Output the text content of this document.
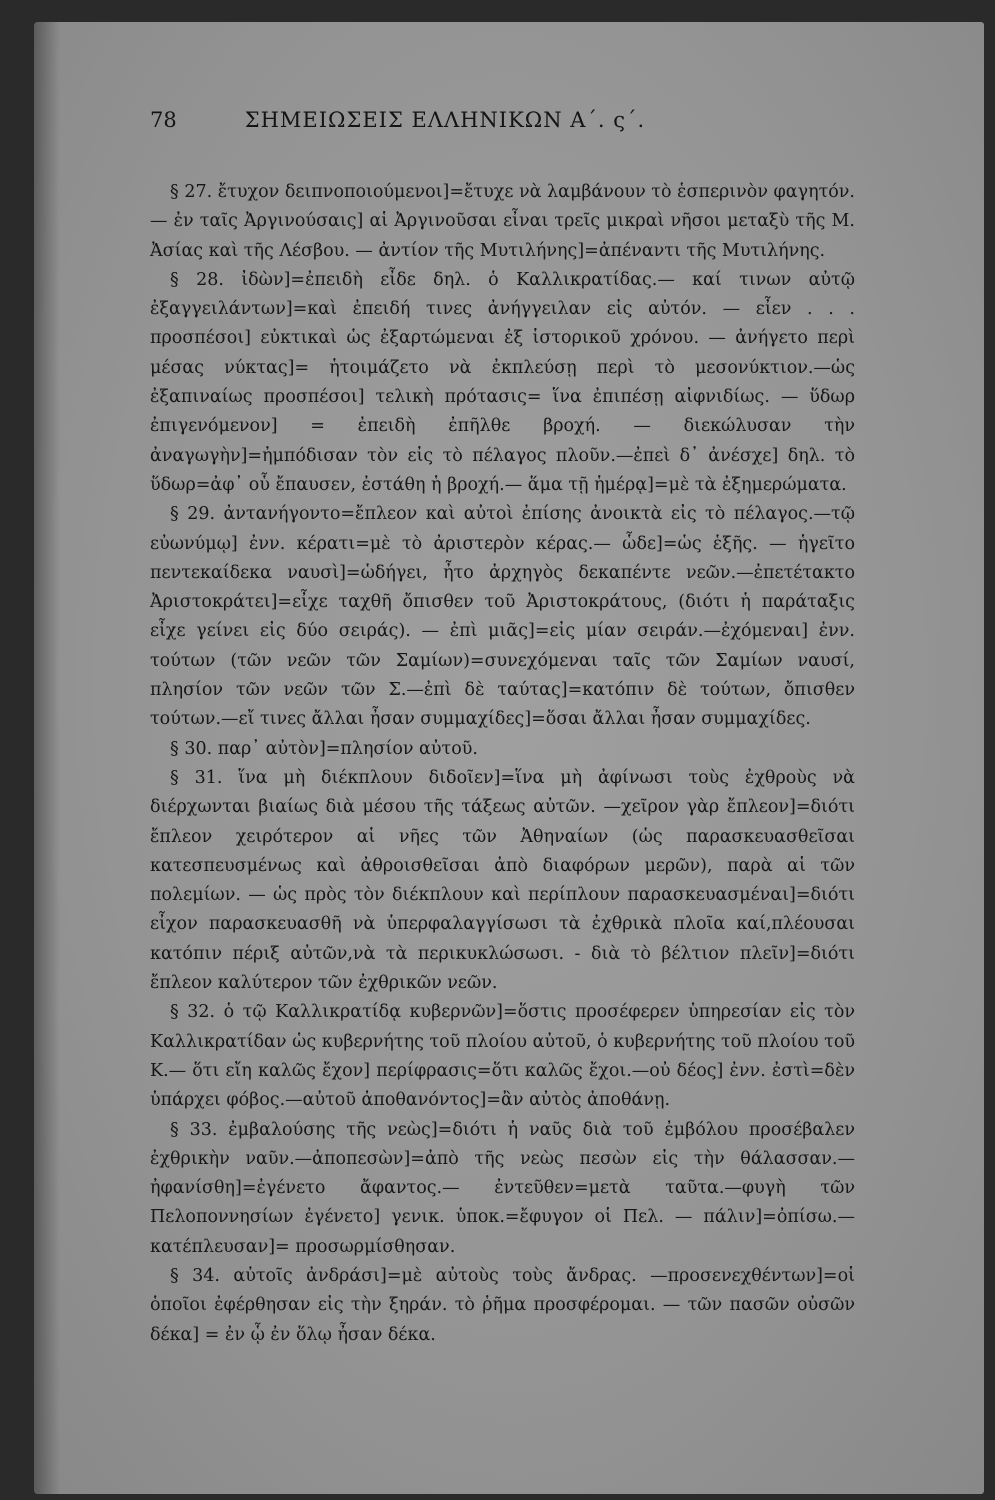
78	ΣΗΜΕΙΩΣΕΙΣ ΕΛΛΗΝΙΚΩΝ Α΄. ς΄.

§ 27. ἔτυχον δειπνοποιούμενοι]=ἔτυχε νὰ λαμβάνουν τὸ ἑσπερινὸν φαγητόν.— ἐν ταῖς Ἀργινούσαις] αἱ Ἀργινοῦσαι εἶναι τρεῖς μικραὶ νῆσοι μεταξὺ τῆς Μ. Ἀσίας καὶ τῆς Λέσβου. — ἀντίον τῆς Μυτιλήνης]=ἀπέναντι τῆς Μυτιλήνης.

§ 28. ἰδὼν]=ἐπειδὴ εἶδε δηλ. ὁ Καλλικρατίδας.— καί τινων αὐτῷ ἐξαγγειλάντων]=καὶ ἐπειδή τινες ἀνήγγειλαν εἰς αὐτόν. — εἶεν . . . προσπέσοι] εὐκτικαὶ ὡς ἐξαρτώμεναι ἐξ ἱστορικοῦ χρόνου. — ἀνήγετο περὶ μέσας νύκτας]= ἡτοιμάζετο νὰ ἐκπλεύσῃ περὶ τὸ μεσονύκτιον.—ὡς ἐξαπιναίως προσπέσοι] τελικὴ πρότασις= ἵνα ἐπιπέσῃ αἰφνιδίως. — ὕδωρ ἐπιγενόμενον] = ἐπειδὴ ἐπῆλθε βροχή. — διεκώλυσαν τὴν ἀναγωγὴν]=ἠμπόδισαν τὸν εἰς τὸ πέλαγος πλοῦν.—ἐπεὶ δ᾽ ἀνέσχε] δηλ. τὸ ὕδωρ=ἀφ᾽ οὗ ἔπαυσεν, ἐστάθη ἡ βροχή.— ἅμα τῇ ἡμέρᾳ]=μὲ τὰ ἐξημερώματα.

§ 29. ἀντανήγοντο=ἔπλεον καὶ αὐτοὶ ἐπίσης ἀνοικτὰ εἰς τὸ πέλαγος.—τῷ εὐωνύμῳ] ἐνν. κέρατι=μὲ τὸ ἀριστερὸν κέρας.— ὧδε]=ὡς ἑξῆς. — ἡγεῖτο πεντεκαίδεκα ναυσὶ]=ὡδήγει, ἦτο ἀρχηγὸς δεκαπέντε νεῶν.—ἐπετέτακτο Ἀριστοκράτει]=εἶχε ταχθῆ ὄπισθεν τοῦ Ἀριστοκράτους, (διότι ἡ παράταξις εἶχε γείνει εἰς δύο σειράς). — ἐπὶ μιᾶς]=εἰς μίαν σειράν.—ἐχόμεναι] ἐνν. τούτων (τῶν νεῶν τῶν Σαμίων)=συνεχόμεναι ταῖς τῶν Σαμίων ναυσί, πλησίον τῶν νεῶν τῶν Σ.—ἐπὶ δὲ ταύτας]=κατόπιν δὲ τούτων, ὄπισθεν τούτων.—εἴ τινες ἄλλαι ἦσαν συμμαχίδες]=ὅσαι ἄλλαι ἦσαν συμμαχίδες.

§ 30. παρ᾽ αὐτὸν]=πλησίον αὐτοῦ.

§ 31. ἵνα μὴ διέκπλουν διδοῖεν]=ἵνα μὴ ἀφίνωσι τοὺς ἐχθροὺς νὰ διέρχωνται βιαίως διὰ μέσου τῆς τάξεως αὐτῶν. —χεῖρον γὰρ ἔπλεον]=διότι ἔπλεον χειρότερον αἱ νῆες τῶν Ἀθηναίων (ὡς παρασκευασθεῖσαι κατεσπευσμένως καὶ ἀθροισθεῖσαι ἀπὸ διαφόρων μερῶν), παρὰ αἱ τῶν πολεμίων. — ὡς πρὸς τὸν διέκπλουν καὶ περίπλουν παρασκευασμέναι]=διότι εἶχον παρασκευασθῆ νὰ ὑπερφαλαγγίσωσι τὰ ἐχθρικὰ πλοῖα καί,πλέουσαι κατόπιν πέριξ αὐτῶν,νὰ τὰ περικυκλώσωσι. - διὰ τὸ βέλτιον πλεῖν]=διότι ἔπλεον καλύτερον τῶν ἐχθρικῶν νεῶν.

§ 32. ὁ τῷ Καλλικρατίδᾳ κυβερνῶν]=ὅστις προσέφερεν ὑπηρεσίαν εἰς τὸν Καλλικρατίδαν ὡς κυβερνήτης τοῦ πλοίου αὐτοῦ, ὁ κυβερνήτης τοῦ πλοίου τοῦ Κ.— ὅτι εἴη καλῶς ἔχον] περίφρασις=ὅτι καλῶς ἔχοι.—οὐ δέος] ἐνν. ἐστὶ=δὲν ὑπάρχει φόβος.—αὐτοῦ ἀποθανόντος]=ἂν αὐτὸς ἀποθάνῃ.

§ 33. ἐμβαλούσης τῆς νεὼς]=διότι ἡ ναῦς διὰ τοῦ ἐμβόλου προσέβαλεν ἐχθρικὴν ναῦν.—ἀποπεσὼν]=ἀπὸ τῆς νεὼς πεσὼν εἰς τὴν θάλασσαν.—ἠφανίσθη]=ἐγένετο ἄφαντος.— ἐντεῦθεν=μετὰ ταῦτα.—φυγὴ τῶν Πελοποννησίων ἐγένετο] γενικ. ὑποκ.=ἔφυγον οἱ Πελ. — πάλιν]=ὀπίσω.—κατέπλευσαν]= προσωρμίσθησαν.

§ 34. αὐτοῖς ἀνδράσι]=μὲ αὐτοὺς τοὺς ἄνδρας. —προσενεχθέντων]=οἱ ὁποῖοι ἐφέρθησαν εἰς τὴν ξηράν. τὸ ῥῆμα προσφέρομαι. — τῶν πασῶν οὐσῶν δέκα] = ἐν ᾧ ἐν ὅλῳ ἦσαν δέκα.
